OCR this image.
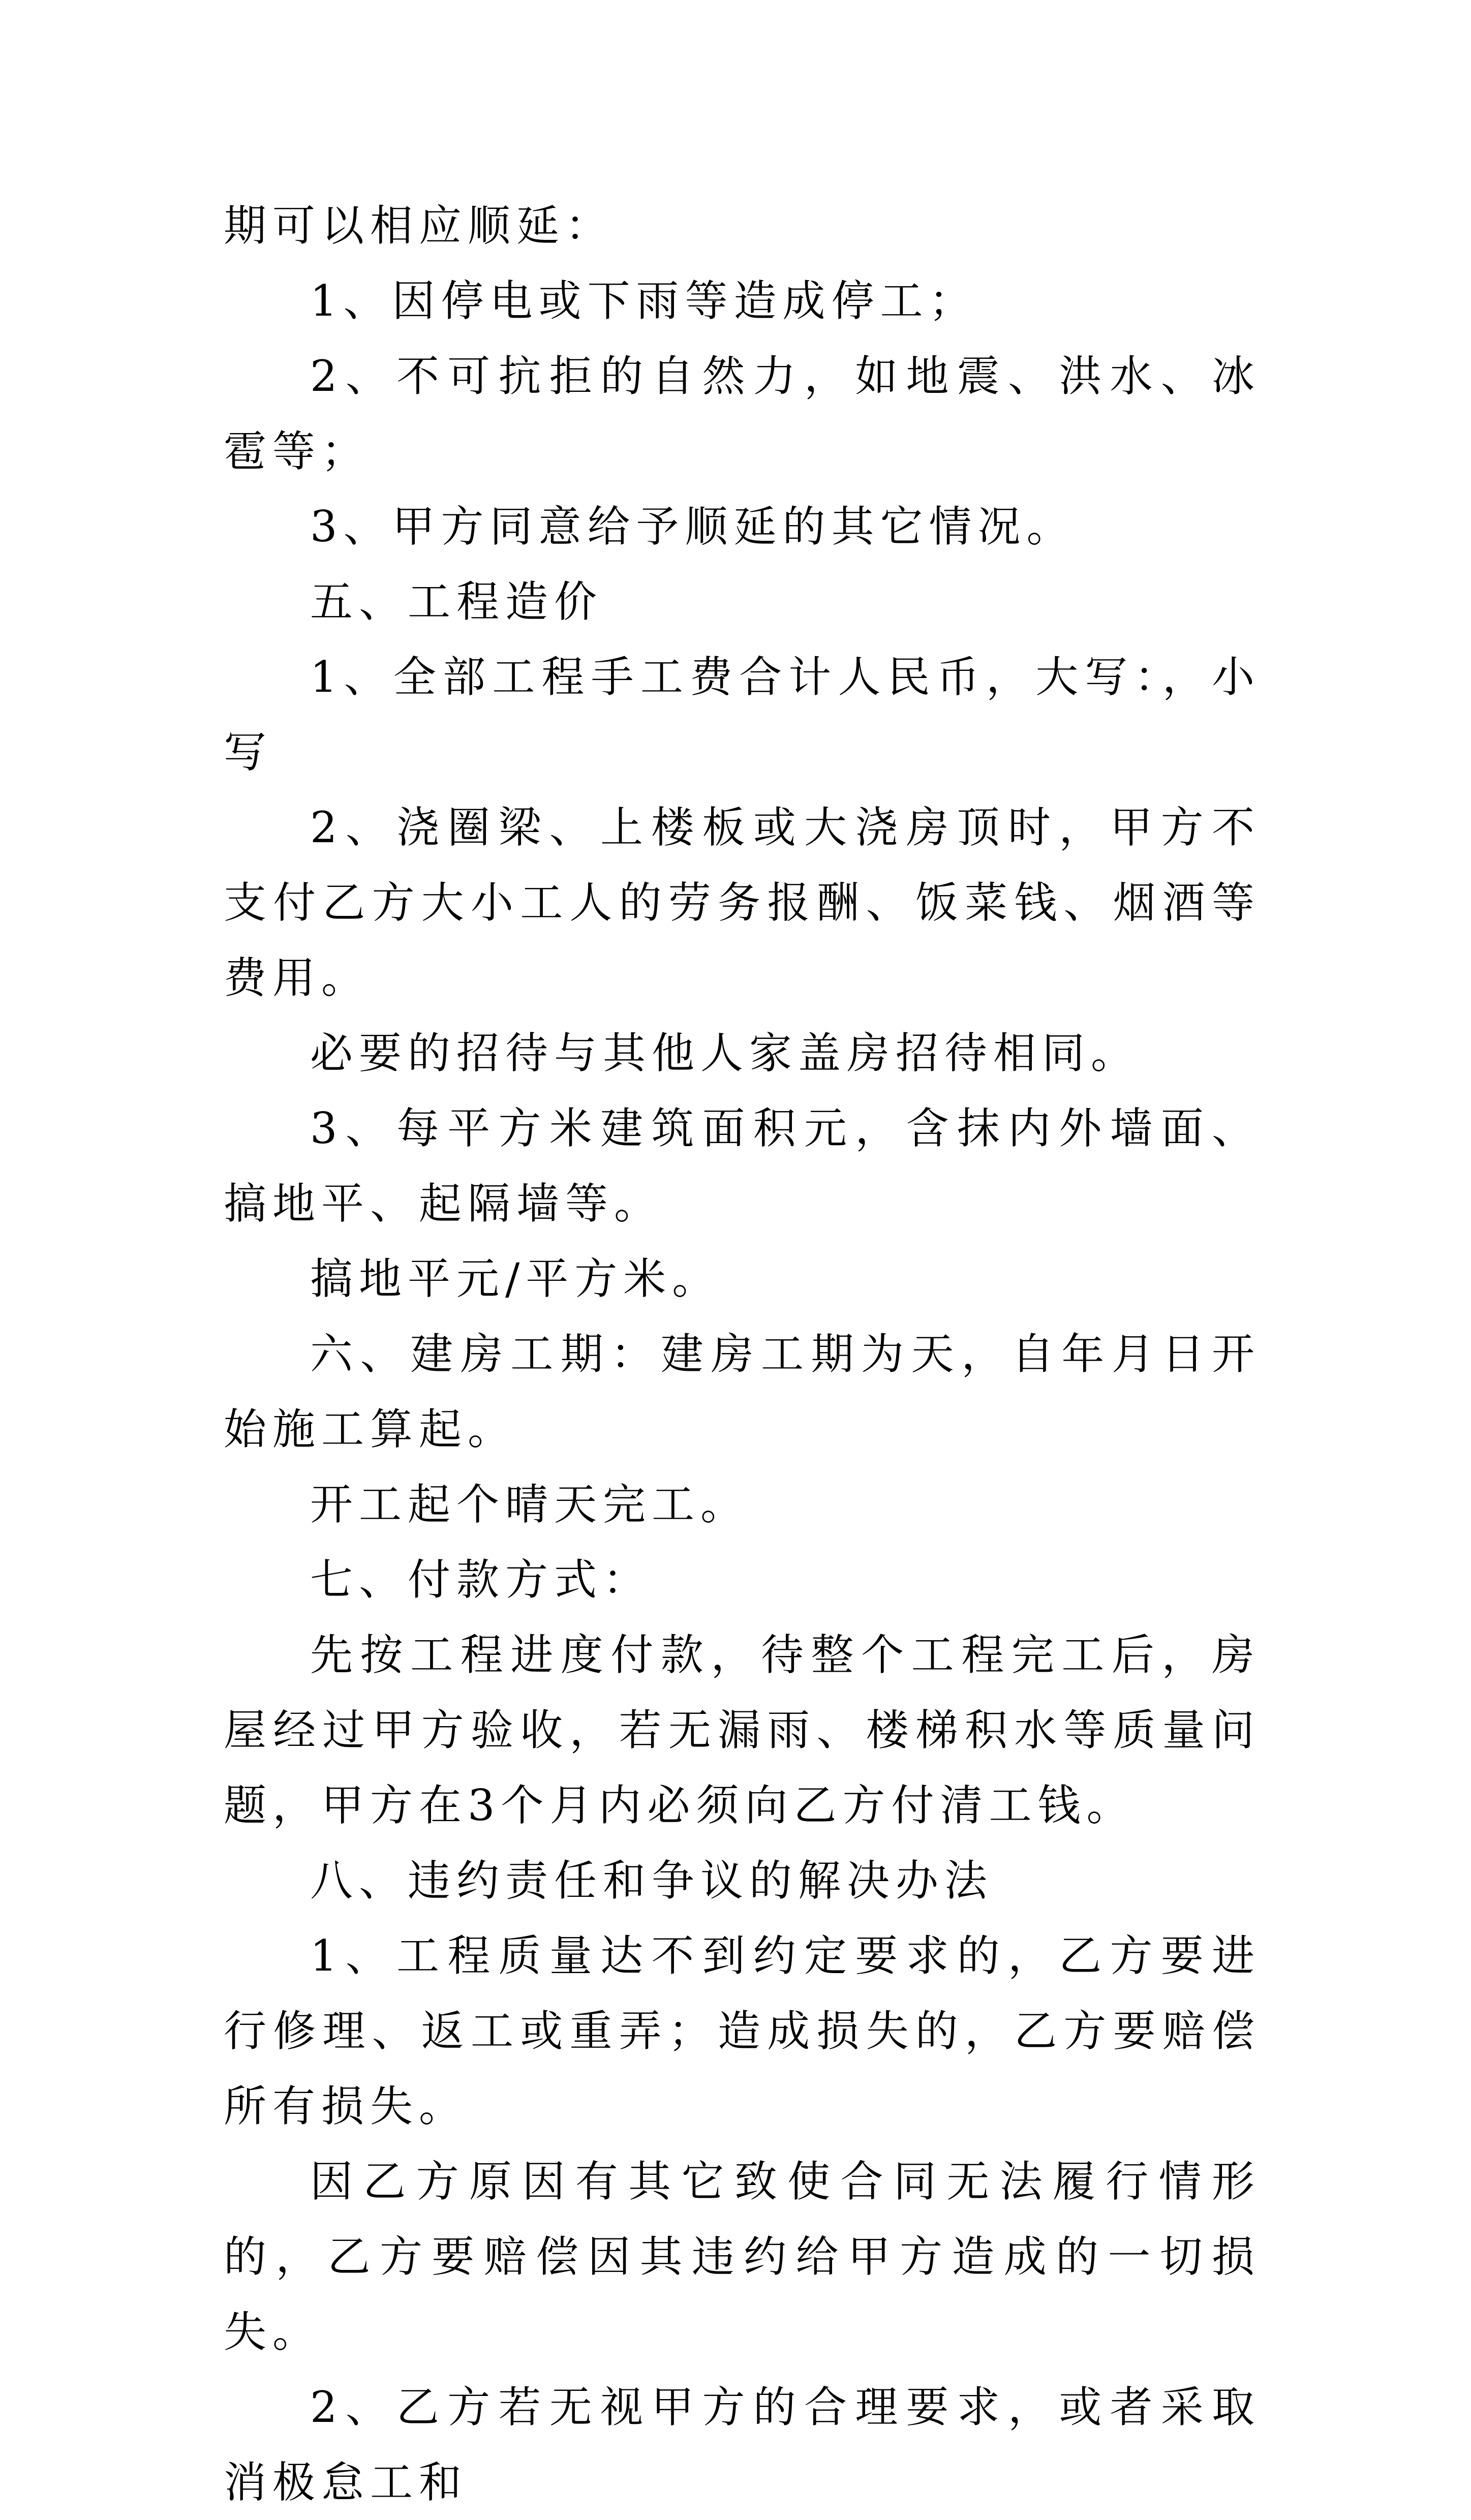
期可以相应顺延：

1、因停电或下雨等造成停工；

2、不可抗拒的自然力，如地震、洪水、冰雹等；

3、甲方同意给予顺延的其它情况。

五、工程造价

1、全部工程手工费合计人民币，大写：，小写

2、浇圈梁、上楼板或大浇房顶时，甲方不支付乙方大小工人的劳务报酬、饭菜钱、烟酒等费用。

必要的招待与其他人家盖房招待相同。

3、每平方米建筑面积元，含抹内外墙面、搞地平、起隔墙等。

搞地平元/平方米。

六、建房工期：建房工期为天，自年月日开始施工算起。

开工起个晴天完工。

七、付款方式：

先按工程进度付款，待整个工程完工后，房屋经过甲方验收，若无漏雨、楼梯积水等质量问题，甲方在3个月内必须向乙方付清工钱。

八、违约责任和争议的解决办法

1、工程质量达不到约定要求的，乙方要进行修理、返工或重弄；造成损失的，乙方要赔偿所有损失。

因乙方原因有其它致使合同无法履行情形的，乙方要赔偿因其违约给甲方造成的一切损失。

2、乙方若无视甲方的合理要求，或者采取消极怠工和
